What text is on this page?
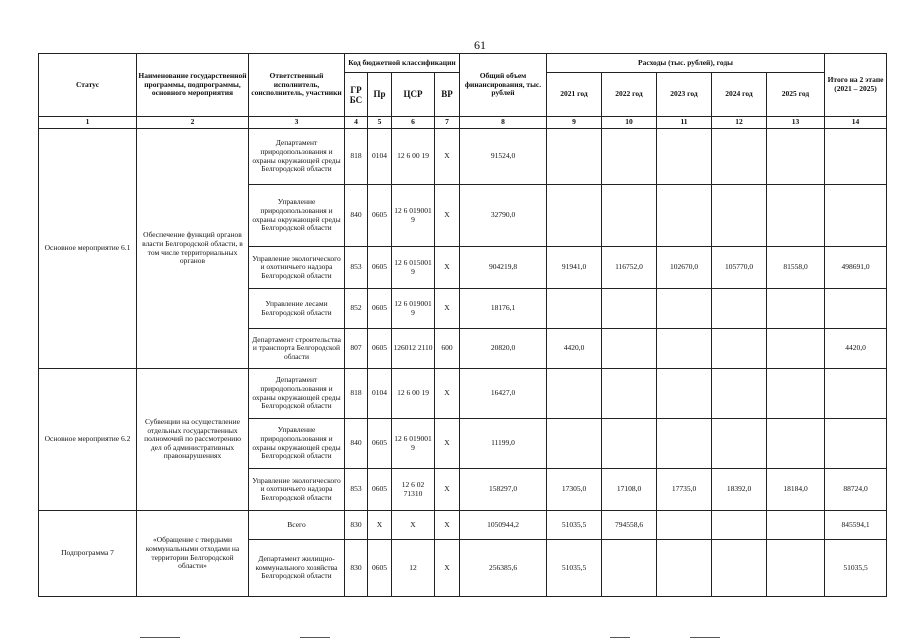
61
Статус	Наименование государственной программы, подпрограммы, основного мероприятия	Ответственный исполнитель, соисполнитель, участники	Код бюджетной классификации				Общий объем финансирования, тыс. рублей	Расходы (тыс. рублей), годы					Итого на 2 этапе (2021 – 2025)
			ГР БС	Пр	ЦСР	ВР		2021 год	2022 год	2023 год	2024 год	2025 год	
1	2	3	4	5	6	7	8	9	10	11	12	13	14
Основное мероприятие 6.1	Обеспечение функций органов власти Белгородской области, в том числе территориальных органов	Департамент природопользования и охраны окружающей среды Белгородской области	818	0104	12 6 00 19	Х	91524,0						
		Управление природопользования и охраны окружающей среды Белгородской области	840	0605	12 6 019001 9	Х	32790,0						
		Управление экологического и охотничьего надзора Белгородской области	853	0605	12 6 015001 9	Х	904219,8	91941,0	116752,0	102670,0	105770,0	81558,0	498691,0
		Управление лесами Белгородской области	852	0605	12 6 019001 9	Х	18176,1						
		Департамент строительства и транспорта Белгородской области	807	0605	126012 2110	600	20820,0	4420,0					4420,0
Основное мероприятие 6.2	Субвенции на осуществление отдельных государственных полномочий по рассмотрению дел об административных правонарушениях	Департамент природопользования и охраны окружающей среды Белгородской области	818	0104	12 6 00 19	Х	16427,0						
		Управление природопользования и охраны окружающей среды Белгородской области	840	0605	12 6 019001 9	Х	11199,0						
		Управление экологического и охотничьего надзора Белгородской области	853	0605	12 6 02 71310	Х	158297,0	17305,0	17108,0	17735,0	18392,0	18184,0	88724,0
Подпрограмма 7	«Обращение с твердыми коммунальными отходами на территории Белгородской области»	Всего	830	Х	Х	Х	1050944,2	51035,5	794558,6				845594,1
		Департамент жилищно-коммунального хозяйства Белгородской области	830	0605	12	Х	256385,6	51035,5					51035,5
